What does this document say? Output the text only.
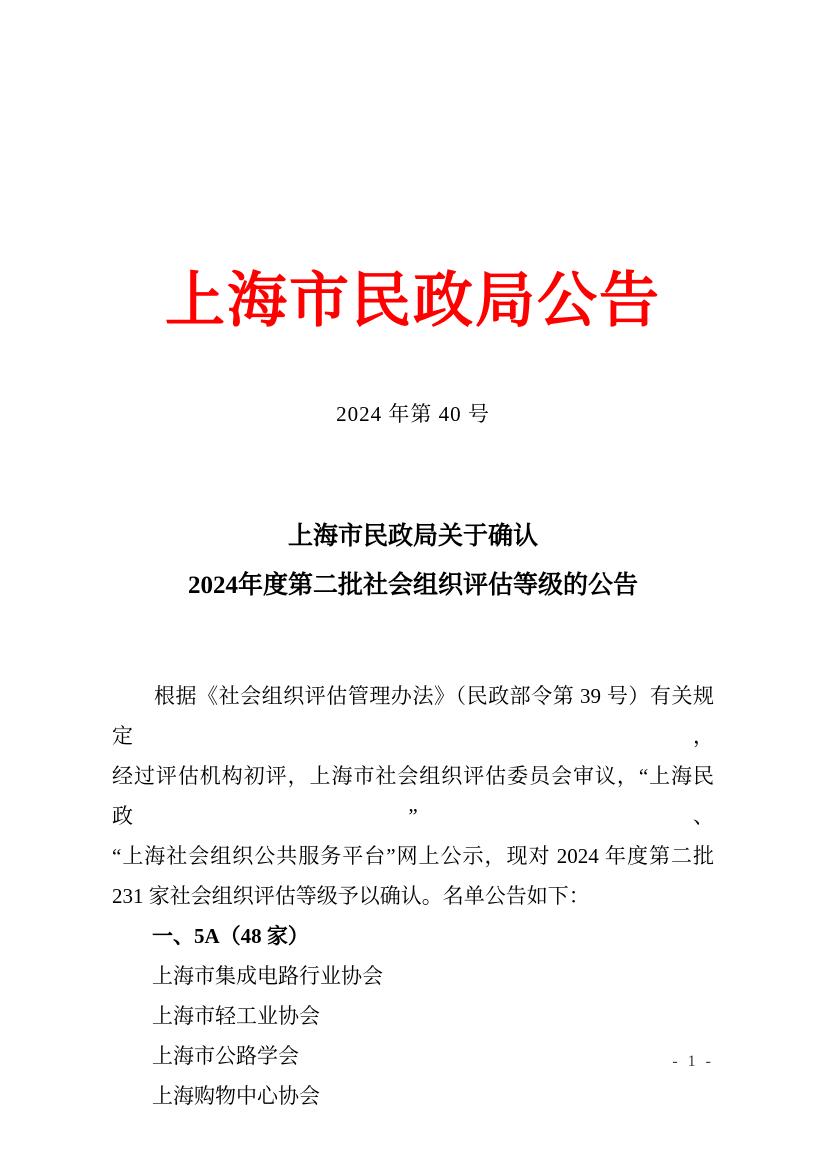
上海市民政局公告
2024 年第 40 号
上海市民政局关于确认
2024年度第二批社会组织评估等级的公告

根据《社会组织评估管理办法》（民政部令第 39 号）有关规定，

经过评估机构初评，上海市社会组织评估委员会审议，“上海民政”、

“上海社会组织公共服务平台”网上公示，现对 2024 年度第二批

231 家社会组织评估等级予以确认。名单公告如下：

一、5A（48 家）

上海市集成电路行业协会

上海市轻工业协会

上海市公路学会

上海购物中心协会

- 1 -
